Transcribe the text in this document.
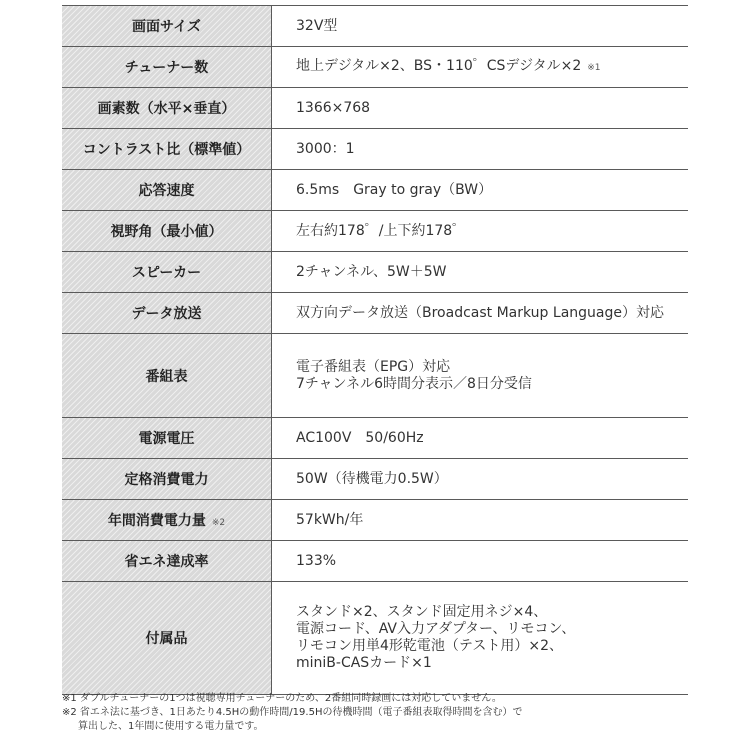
画面サイズ	32V型
チューナー数	地上デジタル×2、BS・110゜CSデジタル×2 ※1
画素数（水平×垂直）	1366×768
コントラスト比（標準値）	3000：1
応答速度	6.5ms　Gray to gray（BW）
視野角（最小値）	左右約178゜/上下約178゜
スピーカー	2チャンネル、5W＋5W
データ放送	双方向データ放送（Broadcast Markup Language）対応
番組表	電子番組表（EPG）対応
7チャンネル6時間分表示／8日分受信

電源電圧	AC100V　50/60Hz
定格消費電力	50W（待機電力0.5W）
年間消費電力量 ※2	57kWh/年
省エネ達成率	133%
付属品	スタンド×2、スタンド固定用ネジ×4、
電源コード、AV入力アダプター、リモコン、
リモコン用単4形乾電池（テスト用）×2、
miniB-CASカード×1
※1 ダブルチューナーの1つは視聴専用チューナーのため、2番組同時録画には対応していません。
※2 省エネ法に基づき、1日あたり4.5Hの動作時間/19.5Hの待機時間（電子番組表取得時間を含む）で
算出した、1年間に使用する電力量です。
